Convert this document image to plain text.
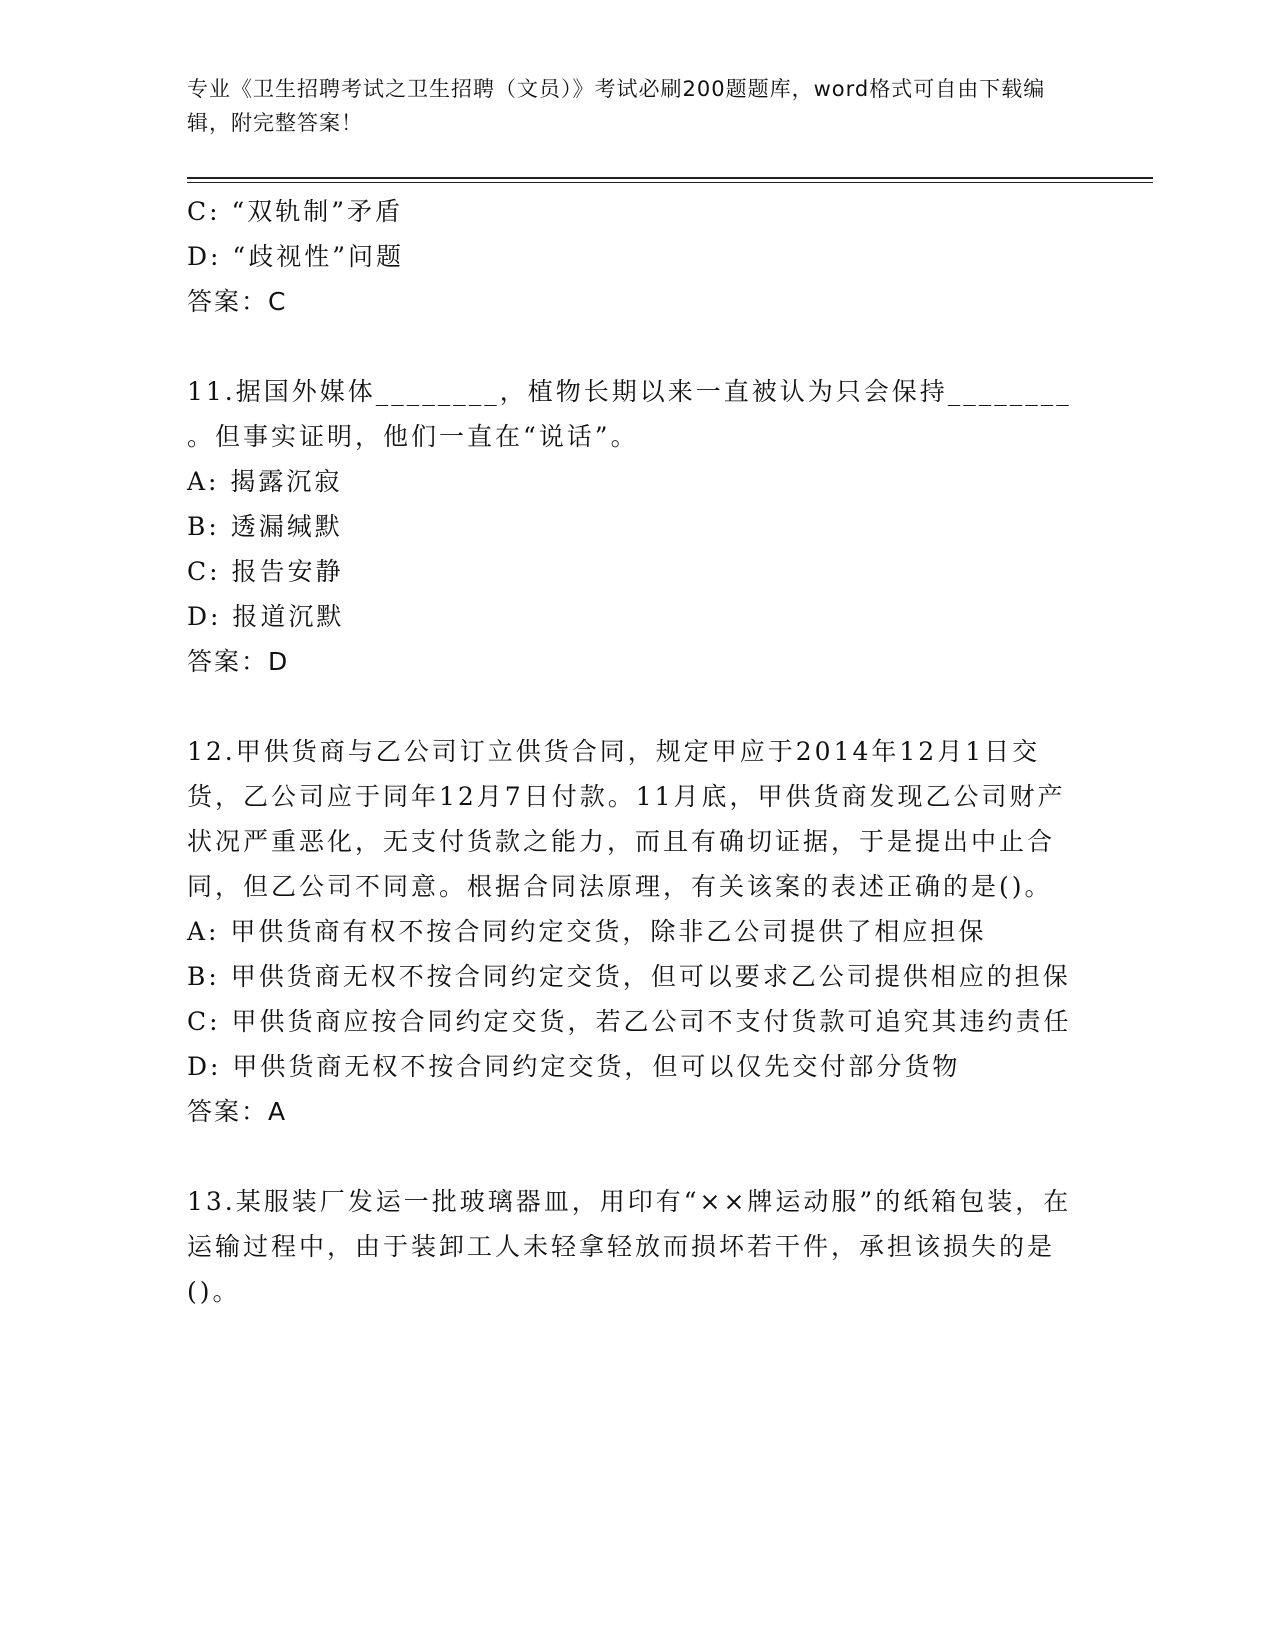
专业《卫生招聘考试之卫生招聘（文员）》考试必刷200题题库，word格式可自由下载编辑，附完整答案！
C: “双轨制”矛盾
D: “歧视性”问题
答案：C
11.据国外媒体________，植物长期以来一直被认为只会保持________
。但事实证明，他们一直在“说话”。
A: 揭露沉寂
B: 透漏缄默
C: 报告安静
D: 报道沉默
答案：D
12.甲供货商与乙公司订立供货合同，规定甲应于2014年12月1日交货，乙公司应于同年12月7日付款。11月底，甲供货商发现乙公司财产状况严重恶化，无支付货款之能力，而且有确切证据，于是提出中止合同，但乙公司不同意。根据合同法原理，有关该案的表述正确的是()。
A: 甲供货商有权不按合同约定交货，除非乙公司提供了相应担保
B: 甲供货商无权不按合同约定交货，但可以要求乙公司提供相应的担保
C: 甲供货商应按合同约定交货，若乙公司不支付货款可追究其违约责任
D: 甲供货商无权不按合同约定交货，但可以仅先交付部分货物
答案：A
13.某服装厂发运一批玻璃器皿，用印有“××牌运动服”的纸箱包装，在运输过程中，由于装卸工人未轻拿轻放而损坏若干件，承担该损失的是()。
